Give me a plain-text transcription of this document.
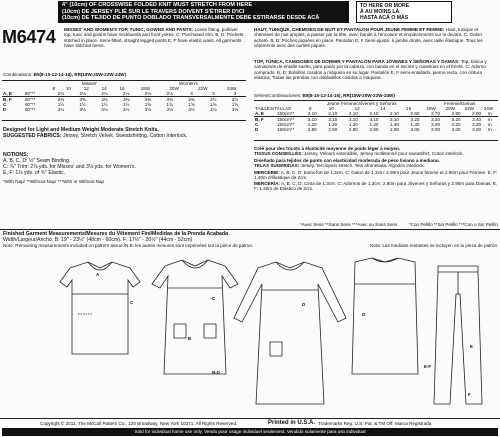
4" (10cm) OF CROSSWISE FOLDED KNIT MUST STRETCH FROM HERE
(10cm) DE JERSEY PLIÉ SUR LE TRAVERS DOIVENT S'ÉTIRER D'ICI
(10cm) DE TEJIDO DE PUNTO DOBLADO TRANSVERSALMENTE DEBE ESTIRARSE DESDE ACÁ
TO HERE OR MORE
À AU MOINS LÀ
HASTA ACÁ O MÁS
M6474 MISSES' AND WOMEN'S TOP, TUNIC, GOWNS AND PANTS: Loose fitting, pullover top, tunic and gowns have neckbands and front yokes. C: Purchased trim. B, D: Pockets stitched in place. Semi-fitted, straight legged pants E, F have elastic waist. All garments have stitched hems.
Combinations: B5(8-10-12-14-16), RR(18W-20W-22W-24W)
		Misses'					Women's			
		8	10	12	14	16	18W	20W	22W	24W
A, E	60"**	2⅛	2⅛	2⅛	2⅛	2⅛	2⅛	3	3	3
B, F	60"**	3⅜	3⅜	3⅜	3⅜	3⅜	3⅜	3⅜	3½	3½
C	60"**	1½	1½	1½	1½	1⅝	1⅝	1⅝	1⅝	1⅝
D	60"**	3⅛	3⅛	3⅛	3⅛	3⅛	3⅛	3⅛	3⅛	3⅛
Designed for Light and Medium Weight Moderate Stretch Knits.
SUGGESTED FABRICS: Jersey, Stretch Velvet, Sweatshirting, Cotton Interlock.
NOTIONS:
A, B, C, D: ½" Seam Binding.
C: ⅞" Trim: 2⅞ yds. for Misses' and 3⅛ yds. for Women's.
E, F: 1⅛ yds. of ¾" Elastic.
*With Nap/ **Without Nap/ ***With or Without Nap
HAUT, TUNIQUE, CHEMISES DE NUIT ET PANTALON POUR JEUNE FEMME ET FEMME: Haut, tunique et chemises de nuit amples, à passer par la tête, avec bande à l'encolure et empiècements sur le devant. C: Galon acheté. B, D: Poches piquées en place. Pantalon E, F Semi-ajusté, à jambe droite, avec taille élastique. Tous les vêtements avec des ourlets piqués.
TOP, TÚNICA, CAMISONES DE DORMIR Y PANTALÓN PARA JÓVENES Y SEÑORAS Y DAMAS: Top, túnica y camisones de entalle suelto, para pasar por la cabeza, con banda en el escote y canesúes en el frente. C: Adorno comprado. B, D: Bolsillos cosidos a máquina en su lugar. Pantalón E, F semi-entallado, pierna recta, con cintura elástica. Todas las prendas con dobladillos cosidos a máquina.
Séries/Combinaciones: B5(8-10-12-14-16), RR(18W-20W-22W-24W)
		Jeune Femme/Jóvenes y Señoras					Femme/Damas			
TAILLES/TALLAS		8	10	12	14	16	18W	20W	22W	24W
A, E	150cm**	2.10	2.10	2.10	2.10	2.10	2.60	2.70	2.80	2.90	m
B, F	150cm**	3.10	3.10	3.10	3.10	3.10	3.20	3.20	3.20	3.40	m
C	150cm**	1.20	1.20	1.20	1.30	1.30	1.30	2.20	2.20	2.20	m
D	150cm**	2.90	2.90	2.90	2.90	2.90	3.00	3.00	3.00	3.00	m
Créé pour des tricots à élasticité moyenne de poids léger à moyen.
TISSUS CONSEILLÉS: Jersey, Velours extensible, Jersey molletonné pour sweatshirt, Coton interlock.
Diseñado para tejidos de punto con elasticidad moderada de peso liviano a mediano.
TELAS SUGERIDAS: Jersey, Terciopelo stretch, Tela afranelada, Algodón interlock.
MERCERIE: A, B, C, D: Extra-fort de 1.3cm. C: Galon de 1.3cm: 2.60m pour Jeune femme et 2.90m pour Femme. E, F: 1.40m d'élastique de 2cm.
MERCERÍA: A, B, C, D: Cinta de 1.3cm. C: Adornos de 1.3cm: 2.60m para Jóvenes y Señoras y 2.90m para Damas. E, F: 1.40m de Elástico de 2cm.
*Avec Sens **Sans Sens ***Avec ou Sans Sens *Con Pelillo **Sin Pelillo ***Con o Sin Pelillo
Finished Garment Measurements/Mesures du Vêtement Fini/Medidas de la Prenda Acabada
Width/Largeur/Ancho: B: 19" - 23½" (48cm - 60cm). F: 17½" - 20½" (44cm - 52cm)
Note: Remaining measurements included on pattern tissue./N.B: les autres mesures sont imprimées sur la pièce de patron.	Nota: Las medidas restantes se incluyen en la pieza de patrón
A
C
B
C
D
B-D
D
E
F
E-F
Copyright © 2011, The McCall Pattern Co., 120 Broadway, New York 10271, All Rights Reserved.	Printed in U.S.A. Trademarks Reg. U.S. Pat. & TM Off. Marca Registrada
Sold for individual home use only. Vendu pour usage individuel seulement. Vendido solamente para uso individual
